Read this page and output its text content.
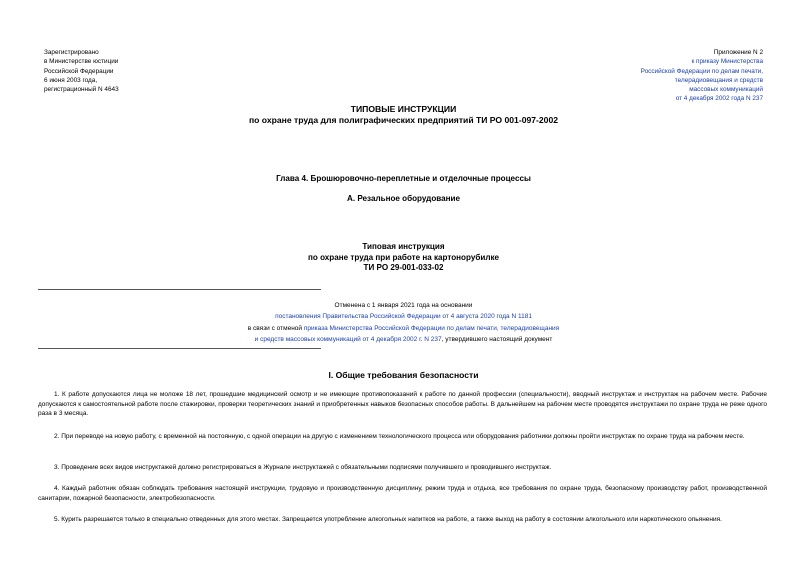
Зарегистрировано
в Министерстве юстиции
Российской Федерации
6 июня 2003 года,
регистрационный N 4643
Приложение N 2
к приказу Министерства
Российской Федерации по делам печати,
телерадиовещания и средств
массовых коммуникаций
от 4 декабря 2002 года N 237
ТИПОВЫЕ ИНСТРУКЦИИ
по охране труда для полиграфических предприятий ТИ РО 001-097-2002
Глава 4. Брошюровочно-переплетные и отделочные процессы
А. Резальное оборудование
Типовая инструкция
по охране труда при работе на картонорубилке
ТИ РО 29-001-033-02
Отменена с 1 января 2021 года на основании
постановления Правительства Российской Федерации от 4 августа 2020 года N 1181
в связи с отменой приказа Министерства Российской Федерации по делам печати, телерадиовещания
и средств массовых коммуникаций от 4 декабря 2002 г. N 237, утвердившего настоящий документ
I. Общие требования безопасности
1. К работе допускаются лица не моложе 18 лет, прошедшие медицинский осмотр и не имеющие противопоказаний к работе по данной профессии (специальности), вводный инструктаж и инструктаж на рабочем месте. Рабочие допускаются к самостоятельной работе после стажировки, проверки теоретических знаний и приобретенных навыков безопасных способов работы. В дальнейшем на рабочем месте проводятся инструктажи по охране труда не реже одного раза в 3 месяца.
2. При переводе на новую работу, с временной на постоянную, с одной операции на другую с изменением технологического процесса или оборудования работники должны пройти инструктаж по охране труда на рабочем месте.
3. Проведение всех видов инструктажей должно регистрироваться в Журнале инструктажей с обязательными подписями получившего и проводившего инструктаж.
4. Каждый работник обязан соблюдать требования настоящей инструкции, трудовую и производственную дисциплину, режим труда и отдыха, все требования по охране труда, безопасному производству работ, производственной санитарии, пожарной безопасности, электробезопасности.
5. Курить разрешается только в специально отведенных для этого местах. Запрещается употребление алкогольных напитков на работе, а также выход на работу в состоянии алкогольного или наркотического опьянения.
